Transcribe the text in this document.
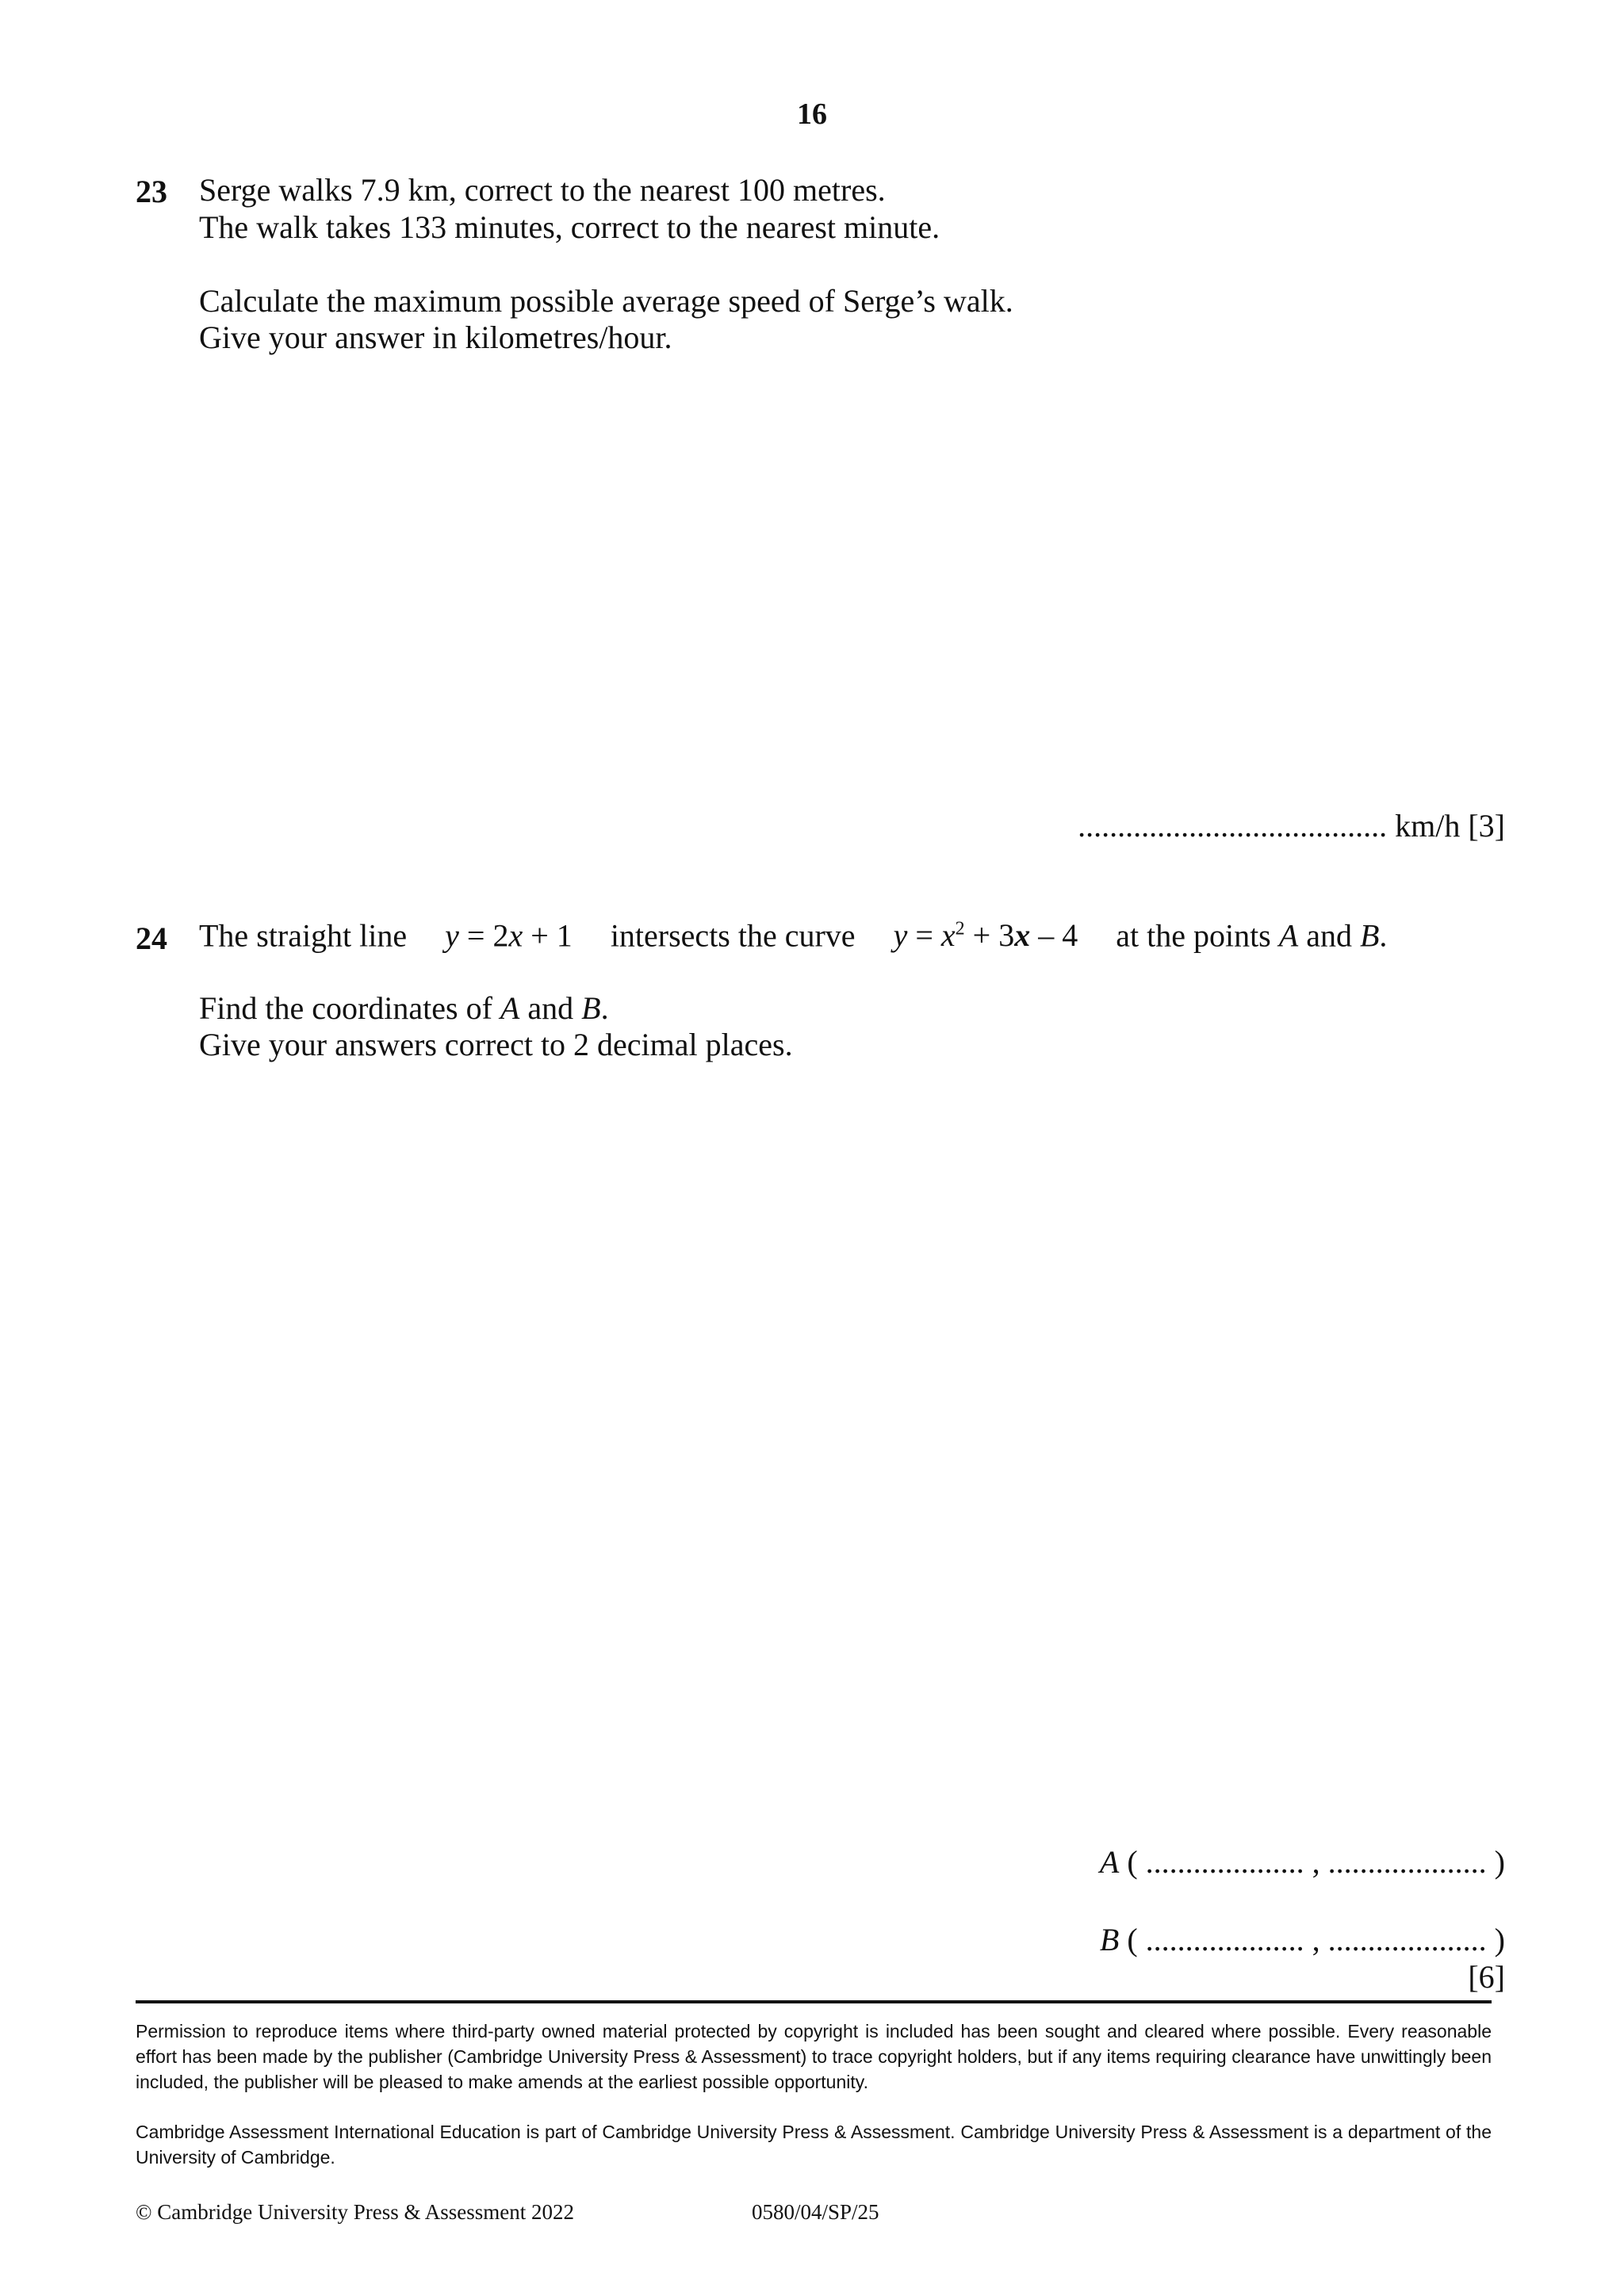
16
23 Serge walks 7.9 km, correct to the nearest 100 metres.
The walk takes 133 minutes, correct to the nearest minute.
Calculate the maximum possible average speed of Serge’s walk.
Give your answer in kilometres/hour.
....................................... km/h [3]
24 The straight line y = 2x + 1 intersects the curve $y = x^2 + 3x - 4$ at the points A and B.
Find the coordinates of A and B.
Give your answers correct to 2 decimal places.
A ( .................... , .................... )
B ( .................... , .................... )
[6]
Permission to reproduce items where third-party owned material protected by copyright is included has been sought and cleared where possible. Every reasonable effort has been made by the publisher (Cambridge University Press & Assessment) to trace copyright holders, but if any items requiring clearance have unwittingly been included, the publisher will be pleased to make amends at the earliest possible opportunity.
Cambridge Assessment International Education is part of Cambridge University Press & Assessment. Cambridge University Press & Assessment is a department of the University of Cambridge.
© Cambridge University Press & Assessment 2022	0580/04/SP/25
